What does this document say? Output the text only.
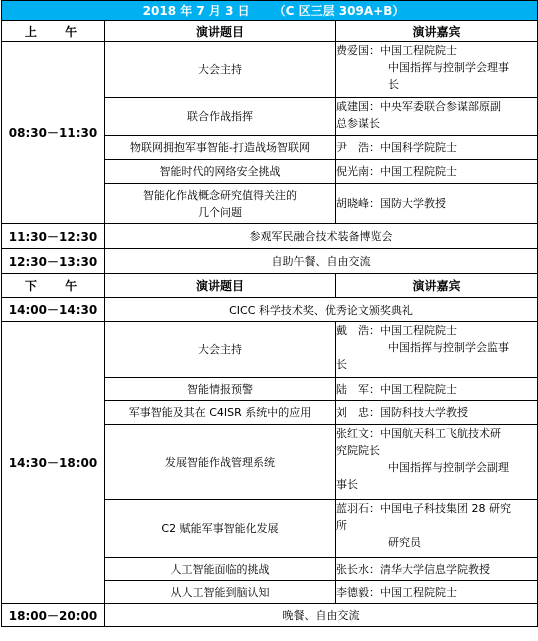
2018 年 7 月 3 日 （C 区三层 309A+B）		
上 午	演讲题目	演讲嘉宾
08:30－11:30	大会主持	费爱国：中国工程院院士
中国指挥与控制学会理事
长

	联合作战指挥	戚建国：中央军委联合参谋部原副
总参谋长

	物联网拥抱军事智能-打造战场智联网	尹　浩：中国科学院院士

	智能时代的网络安全挑战	倪光南：中国工程院院士

	智能化作战概念研究值得关注的
几个问题	胡晓峰：国防大学教授

11:30－12:30	参观军民融合技术装备博览会	
12:30－13:30	自助午餐、自由交流	
下 午	演讲题目	演讲嘉宾
14:00－14:30	CICC 科学技术奖、优秀论文颁奖典礼	
14:30－18:00	大会主持	戴　浩：中国工程院院士
中国指挥与控制学会监事
长

	智能情报预警	陆　军：中国工程院院士

	军事智能及其在 C4ISR 系统中的应用	刘　忠：国防科技大学教授

	发展智能作战管理系统	张红文：中国航天科工飞航技术研
究院院长
中国指挥与控制学会副理
事长

	C2 赋能军事智能化发展	蓝羽石：中国电子科技集团 28 研究
所
研究员

	人工智能面临的挑战	张长水：清华大学信息学院教授

	从人工智能到脑认知	李德毅：中国工程院院士

18:00－20:00	晚餐、自由交流	
